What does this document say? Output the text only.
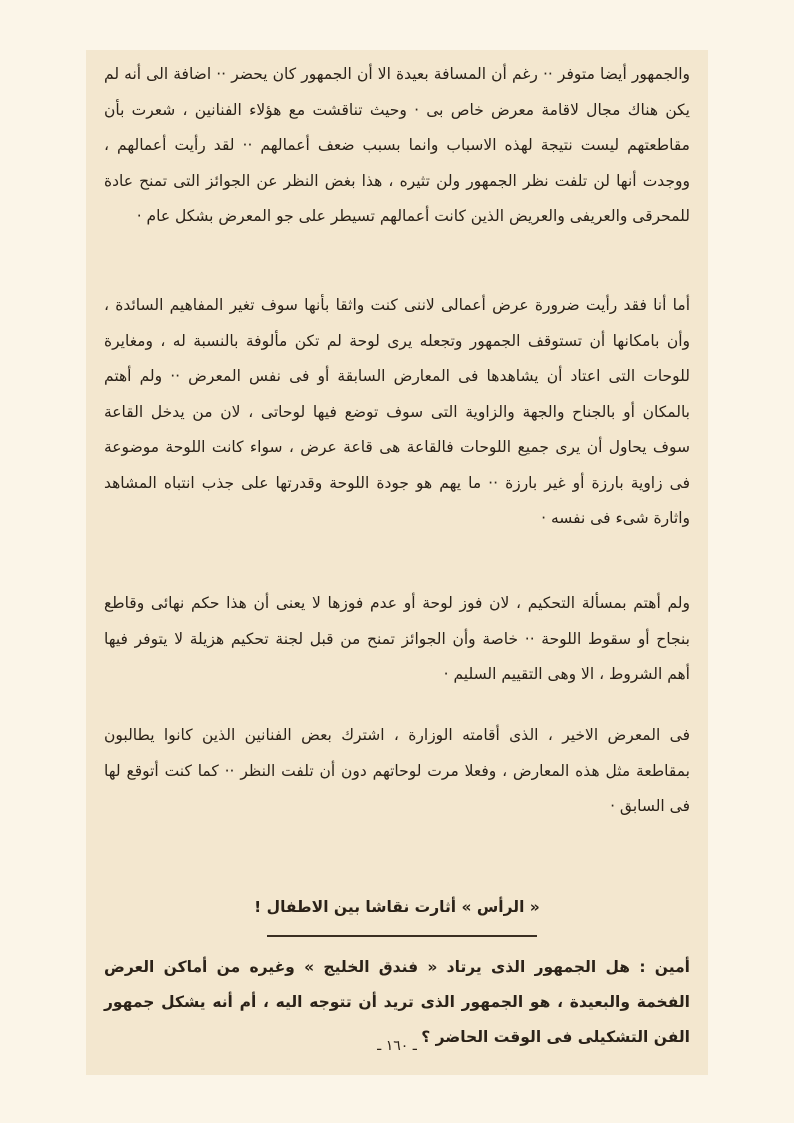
والجمهور أيضا متوفر ·· رغم أن المسافة بعيدة الا أن الجمهور كان يحضر ·· اضافة الى أنه لم يكن هناك مجال لاقامة معرض خاص بى · وحيث تناقشت مع هؤلاء الفنانين ، شعرت بأن مقاطعتهم ليست نتيجة لهذه الاسباب وانما بسبب ضعف أعمالهم ·· لقد رأيت أعمالهم ، ووجدت أنها لن تلفت نظر الجمهور ولن تثيره ، هذا بغض النظر عن الجوائز التى تمنح عادة للمحرقى والعريفى والعريض الذين كانت أعمالهم تسيطر على جو المعرض بشكل عام ·

أما أنا فقد رأيت ضرورة عرض أعمالى لاننى كنت واثقا بأنها سوف تغير المفاهيم السائدة ، وأن بامكانها أن تستوقف الجمهور وتجعله يرى لوحة لم تكن مألوفة بالنسبة له ، ومغايرة للوحات التى اعتاد أن يشاهدها فى المعارض السابقة أو فى نفس المعرض ·· ولم أهتم بالمكان أو بالجناح والجهة والزاوية التى سوف توضع فيها لوحاتى ، لان من يدخل القاعة سوف يحاول أن يرى جميع اللوحات فالقاعة هى قاعة عرض ، سواء كانت اللوحة موضوعة فى زاوية بارزة أو غير بارزة ·· ما يهم هو جودة اللوحة وقدرتها على جذب انتباه المشاهد واثارة شىء فى نفسه ·

ولم أهتم بمسألة التحكيم ، لان فوز لوحة أو عدم فوزها لا يعنى أن هذا حكم نهائى وقاطع بنجاح أو سقوط اللوحة ·· خاصة وأن الجوائز تمنح من قبل لجنة تحكيم هزيلة لا يتوفر فيها أهم الشروط ، الا وهى التقييم السليم ·

فى المعرض الاخير ، الذى أقامته الوزارة ، اشترك بعض الفنانين الذين كانوا يطالبون بمقاطعة مثل هذه المعارض ، وفعلا مرت لوحاتهم دون أن تلفت النظر ·· كما كنت أتوقع لها فى السابق ·

« الرأس » أثارت نقاشا بين الاطفال !

أمين : هل الجمهور الذى يرتاد « فندق الخليج » وغيره من أماكن العرض الفخمة والبعيدة ، هو الجمهور الذى تريد أن تتوجه اليه ، أم أنه يشكل جمهور الفن التشكيلى فى الوقت الحاضر ؟

ـ ١٦٠ ـ
